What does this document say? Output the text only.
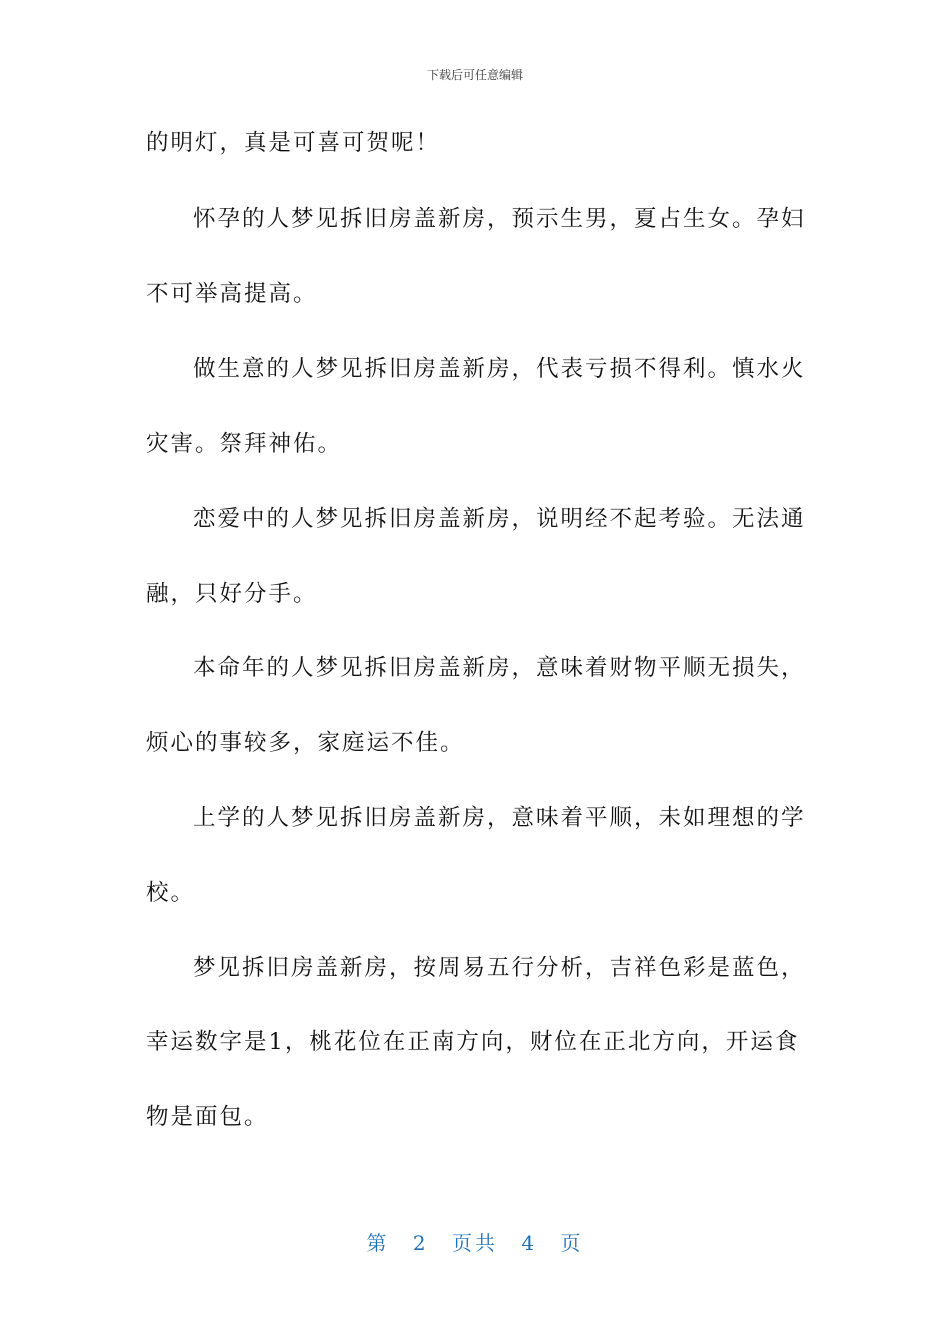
下载后可任意编辑
的明灯，真是可喜可贺呢！
怀孕的人梦见拆旧房盖新房，预示生男，夏占生女。孕妇
不可举高提高。
做生意的人梦见拆旧房盖新房，代表亏损不得利。慎水火
灾害。祭拜神佑。
恋爱中的人梦见拆旧房盖新房，说明经不起考验。无法通
融，只好分手。
本命年的人梦见拆旧房盖新房，意味着财物平顺无损失，
烦心的事较多，家庭运不佳。
上学的人梦见拆旧房盖新房，意味着平顺，未如理想的学
校。
梦见拆旧房盖新房，按周易五行分析，吉祥色彩是蓝色，
幸运数字是1，桃花位在正南方向，财位在正北方向，开运食
物是面包。
第 2 页共 4 页
